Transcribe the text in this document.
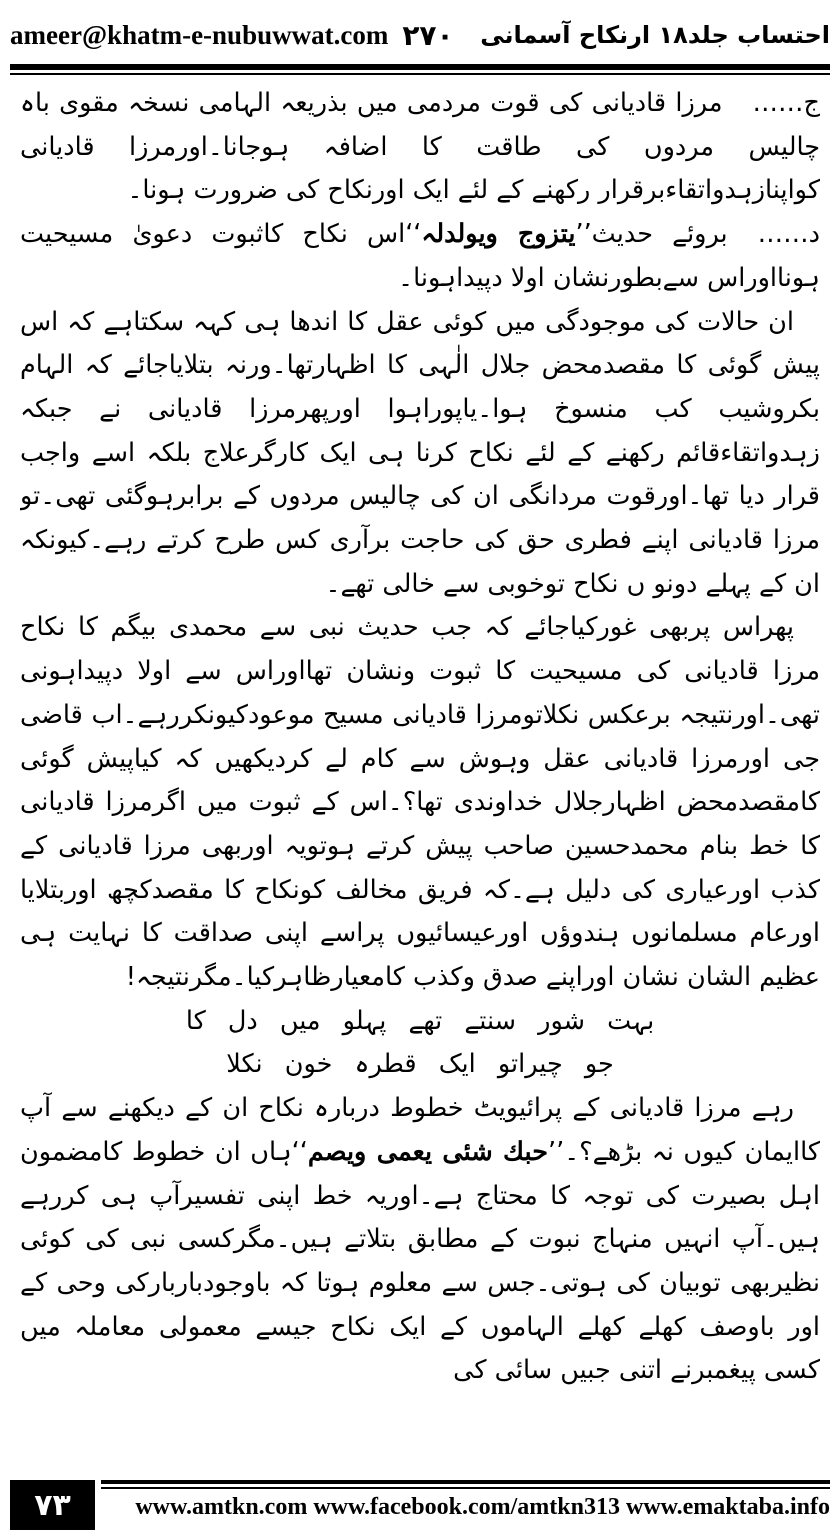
ameer@khatm-e-nubuwwat.com ۲۷۰ احتساب جلد۱۸ ارنکاح آسمانی

ج……مرزا قادیانی کی قوت مردمی میں بذریعہ الہامی نسخہ مقوی باہ چالیس مردوں کی طاقت کا اضافہ ہوجانا۔اورمرزا قادیانی کواپنازہدواتقاءبرقرار رکھنے کے لئے ایک اورنکاح کی ضرورت ہونا۔

د……بروئے حدیث’’یتزوج ویولدلہ‘‘اس نکاح کاثبوت دعویٰ مسیحیت ہونااوراس سےبطورنشان اولا دپیداہونا۔

ان حالات کی موجودگی میں کوئی عقل کا اندھا ہی کہہ سکتاہے کہ اس پیش گوئی کا مقصدمحض جلال الٰہی کا اظہارتھا۔ورنہ بتلایاجائے کہ الہام بکروشیب کب منسوخ ہوا۔یاپوراہوا اورپھرمرزا قادیانی نے جبکہ زہدواتقاءقائم رکھنے کے لئے نکاح کرنا ہی ایک کارگرعلاج بلکہ اسے واجب قرار دیا تھا۔اورقوت مردانگی ان کی چالیس مردوں کے برابرہوگئی تھی۔تو مرزا قادیانی اپنے فطری حق کی حاجت برآری کس طرح کرتے رہے۔کیونکہ ان کے پہلے دونو ں نکاح توخوبی سے خالی تھے۔

پھراس پربھی غورکیاجائے کہ جب حدیث نبی سے محمدی بیگم کا نکاح مرزا قادیانی کی مسیحیت کا ثبوت ونشان تھااوراس سے اولا دپیداہونی تھی۔اورنتیجہ برعکس نکلاتومرزا قادیانی مسیح موعودکیونکررہے۔اب قاضی جی اورمرزا قادیانی عقل وہوش سے کام لے کردیکھیں کہ کیاپیش گوئی کامقصدمحض اظہارجلال خداوندی تھا؟۔اس کے ثبوت میں اگرمرزا قادیانی کا خط بنام محمدحسین صاحب پیش کرتے ہوتویہ اوربھی مرزا قادیانی کے کذب اورعیاری کی دلیل ہے۔کہ فریق مخالف کونکاح کا مقصدکچھ اوربتلایا اورعام مسلمانوں ہندوؤں اورعیسائیوں پراسے اپنی صداقت کا نہایت ہی عظیم الشان نشان اوراپنے صدق وکذب کامعیارظاہرکیا۔مگرنتیجہ!

بہت شور سنتے تھے پہلو میں دل کا

جو چیراتو ایک قطرہ خون نکلا

رہے مرزا قادیانی کے پرائیویٹ خطوط دربارہ نکاح ان کے دیکھنے سے آپ کاایمان کیوں نہ بڑھے؟۔’’حبك شئی یعمی ویصم‘‘ہاں ان خطوط کامضمون اہل بصیرت کی توجہ کا محتاج ہے۔اوریہ خط اپنی تفسیرآپ ہی کررہے ہیں۔آپ انہیں منہاج نبوت کے مطابق بتلاتے ہیں۔مگرکسی نبی کی کوئی نظیربھی توبیان کی ہوتی۔جس سے معلوم ہوتا کہ باوجودباربارکی وحی کے اور باوصف کھلے کھلے الہاموں کے ایک نکاح جیسے معمولی معاملہ میں کسی پیغمبرنے اتنی جبیں سائی کی

۷۳	www.amtkn.com www.facebook.com/amtkn313 www.emaktaba.info
